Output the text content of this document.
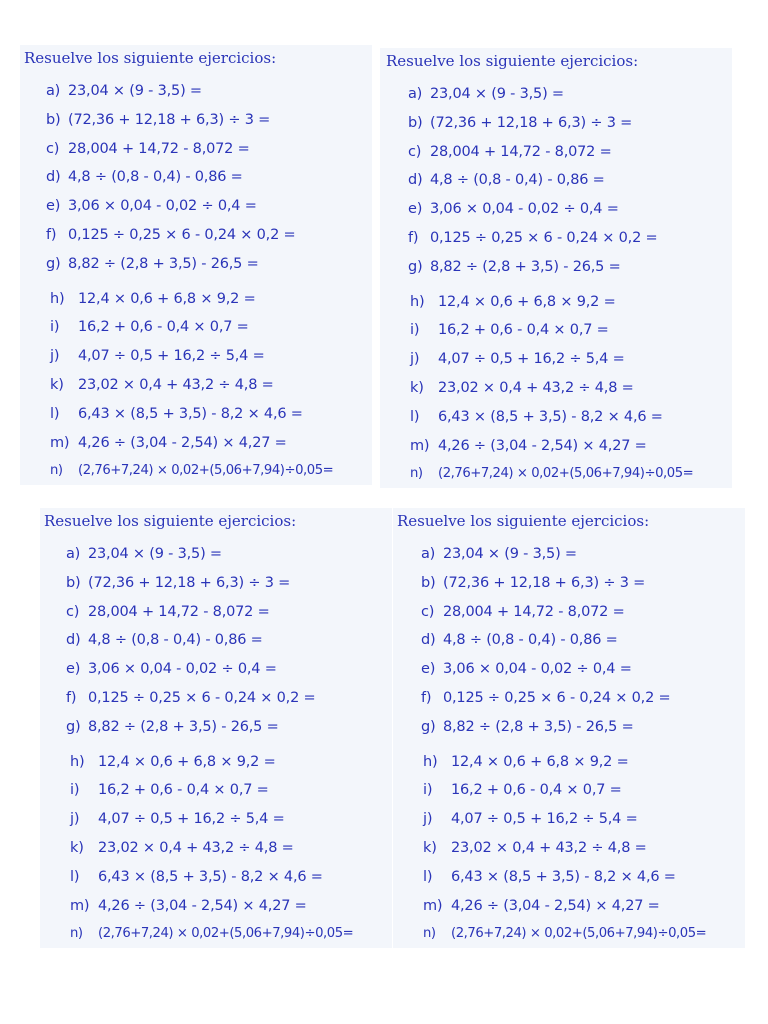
Resuelve los siguiente ejercicios:
a) 23,04 × (9 - 3,5) =
b) (72,36 + 12,18 + 6,3) ÷ 3 =
c) 28,004 + 14,72 - 8,072 =
d) 4,8 ÷ (0,8 - 0,4) - 0,86 =
e) 3,06 × 0,04 - 0,02 ÷ 0,4 =
f) 0,125 ÷ 0,25 × 6 - 0,24 × 0,2 =
g) 8,82 ÷ (2,8 + 3,5) - 26,5 =
h) 12,4 × 0,6 + 6,8 × 9,2 =
i) 16,2 + 0,6 - 0,4 × 0,7 =
j) 4,07 ÷ 0,5 + 16,2 ÷ 5,4 =
k) 23,02 × 0,4 + 43,2 ÷ 4,8 =
l) 6,43 × (8,5 + 3,5) - 8,2 × 4,6 =
m) 4,26 ÷ (3,04 - 2,54) × 4,27 =
n) (2,76+7,24) × 0,02+(5,06+7,94)÷0,05=
Resuelve los siguiente ejercicios:
a) 23,04 × (9 - 3,5) =
b) (72,36 + 12,18 + 6,3) ÷ 3 =
c) 28,004 + 14,72 - 8,072 =
d) 4,8 ÷ (0,8 - 0,4) - 0,86 =
e) 3,06 × 0,04 - 0,02 ÷ 0,4 =
f) 0,125 ÷ 0,25 × 6 - 0,24 × 0,2 =
g) 8,82 ÷ (2,8 + 3,5) - 26,5 =
h) 12,4 × 0,6 + 6,8 × 9,2 =
i) 16,2 + 0,6 - 0,4 × 0,7 =
j) 4,07 ÷ 0,5 + 16,2 ÷ 5,4 =
k) 23,02 × 0,4 + 43,2 ÷ 4,8 =
l) 6,43 × (8,5 + 3,5) - 8,2 × 4,6 =
m) 4,26 ÷ (3,04 - 2,54) × 4,27 =
n) (2,76+7,24) × 0,02+(5,06+7,94)÷0,05=
Resuelve los siguiente ejercicios:
a) 23,04 × (9 - 3,5) =
b) (72,36 + 12,18 + 6,3) ÷ 3 =
c) 28,004 + 14,72 - 8,072 =
d) 4,8 ÷ (0,8 - 0,4) - 0,86 =
e) 3,06 × 0,04 - 0,02 ÷ 0,4 =
f) 0,125 ÷ 0,25 × 6 - 0,24 × 0,2 =
g) 8,82 ÷ (2,8 + 3,5) - 26,5 =
h) 12,4 × 0,6 + 6,8 × 9,2 =
i) 16,2 + 0,6 - 0,4 × 0,7 =
j) 4,07 ÷ 0,5 + 16,2 ÷ 5,4 =
k) 23,02 × 0,4 + 43,2 ÷ 4,8 =
l) 6,43 × (8,5 + 3,5) - 8,2 × 4,6 =
m) 4,26 ÷ (3,04 - 2,54) × 4,27 =
n) (2,76+7,24) × 0,02+(5,06+7,94)÷0,05=
Resuelve los siguiente ejercicios:
a) 23,04 × (9 - 3,5) =
b) (72,36 + 12,18 + 6,3) ÷ 3 =
c) 28,004 + 14,72 - 8,072 =
d) 4,8 ÷ (0,8 - 0,4) - 0,86 =
e) 3,06 × 0,04 - 0,02 ÷ 0,4 =
f) 0,125 ÷ 0,25 × 6 - 0,24 × 0,2 =
g) 8,82 ÷ (2,8 + 3,5) - 26,5 =
h) 12,4 × 0,6 + 6,8 × 9,2 =
i) 16,2 + 0,6 - 0,4 × 0,7 =
j) 4,07 ÷ 0,5 + 16,2 ÷ 5,4 =
k) 23,02 × 0,4 + 43,2 ÷ 4,8 =
l) 6,43 × (8,5 + 3,5) - 8,2 × 4,6 =
m) 4,26 ÷ (3,04 - 2,54) × 4,27 =
n) (2,76+7,24) × 0,02+(5,06+7,94)÷0,05=
